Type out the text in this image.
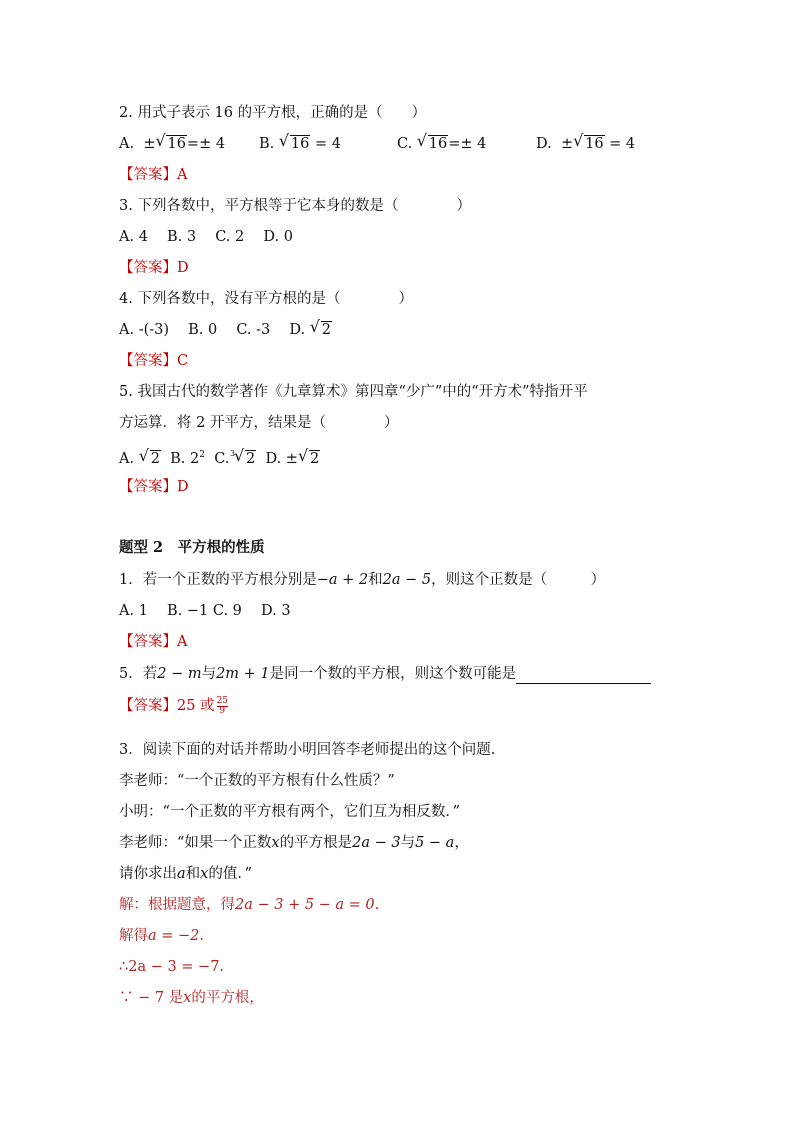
2. 用式子表示 16 的平方根，正确的是（　　）
A. ± √ 16=± 4 B. √ 16 = 4	C. √ 16=± 4	D. ± √ 16 = 4
【答案】A
3. 下列各数中，平方根等于它本身的数是（　　　　）
A. 4　 B. 3　 C. 2　 D. 0
【答案】D
4. 下列各数中，没有平方根的是（　　　　）
A. -(-3)　 B. 0　 C. -3　 D. √ 2
【答案】C
5. 我国古代的数学著作《九章算术》第四章“少广”中的“开方术”特指开平
方运算．将 2 开平方，结果是（　　　　）
A. √ 2 B. $2^2$ C. 3
√ 2 D. ± √ 2
【答案】D
题型 2　平方根的性质
1．若一个正数的平方根分别是−a + 2和2a − 5，则这个正数是（　　　）
A. 1　 B. −1 C. 9　 D. 3
【答案】A
5．若2 − m与2m + 1是同一个数的平方根，则这个数可能是
【答案】25 或 $\frac{25}{9}$
3．阅读下面的对话并帮助小明回答李老师提出的这个问题.
李老师：“一个正数的平方根有什么性质？”
小明：“一个正数的平方根有两个，它们互为相反数．”
李老师：“如果一个正数x的平方根是2a − 3与5 − a，
请你求出a和x的值．”
解：根据题意，得2a − 3 + 5 − a = 0.
解得a = −2.
∴2a − 3 = −7.
∵ − 7 是x的平方根，
